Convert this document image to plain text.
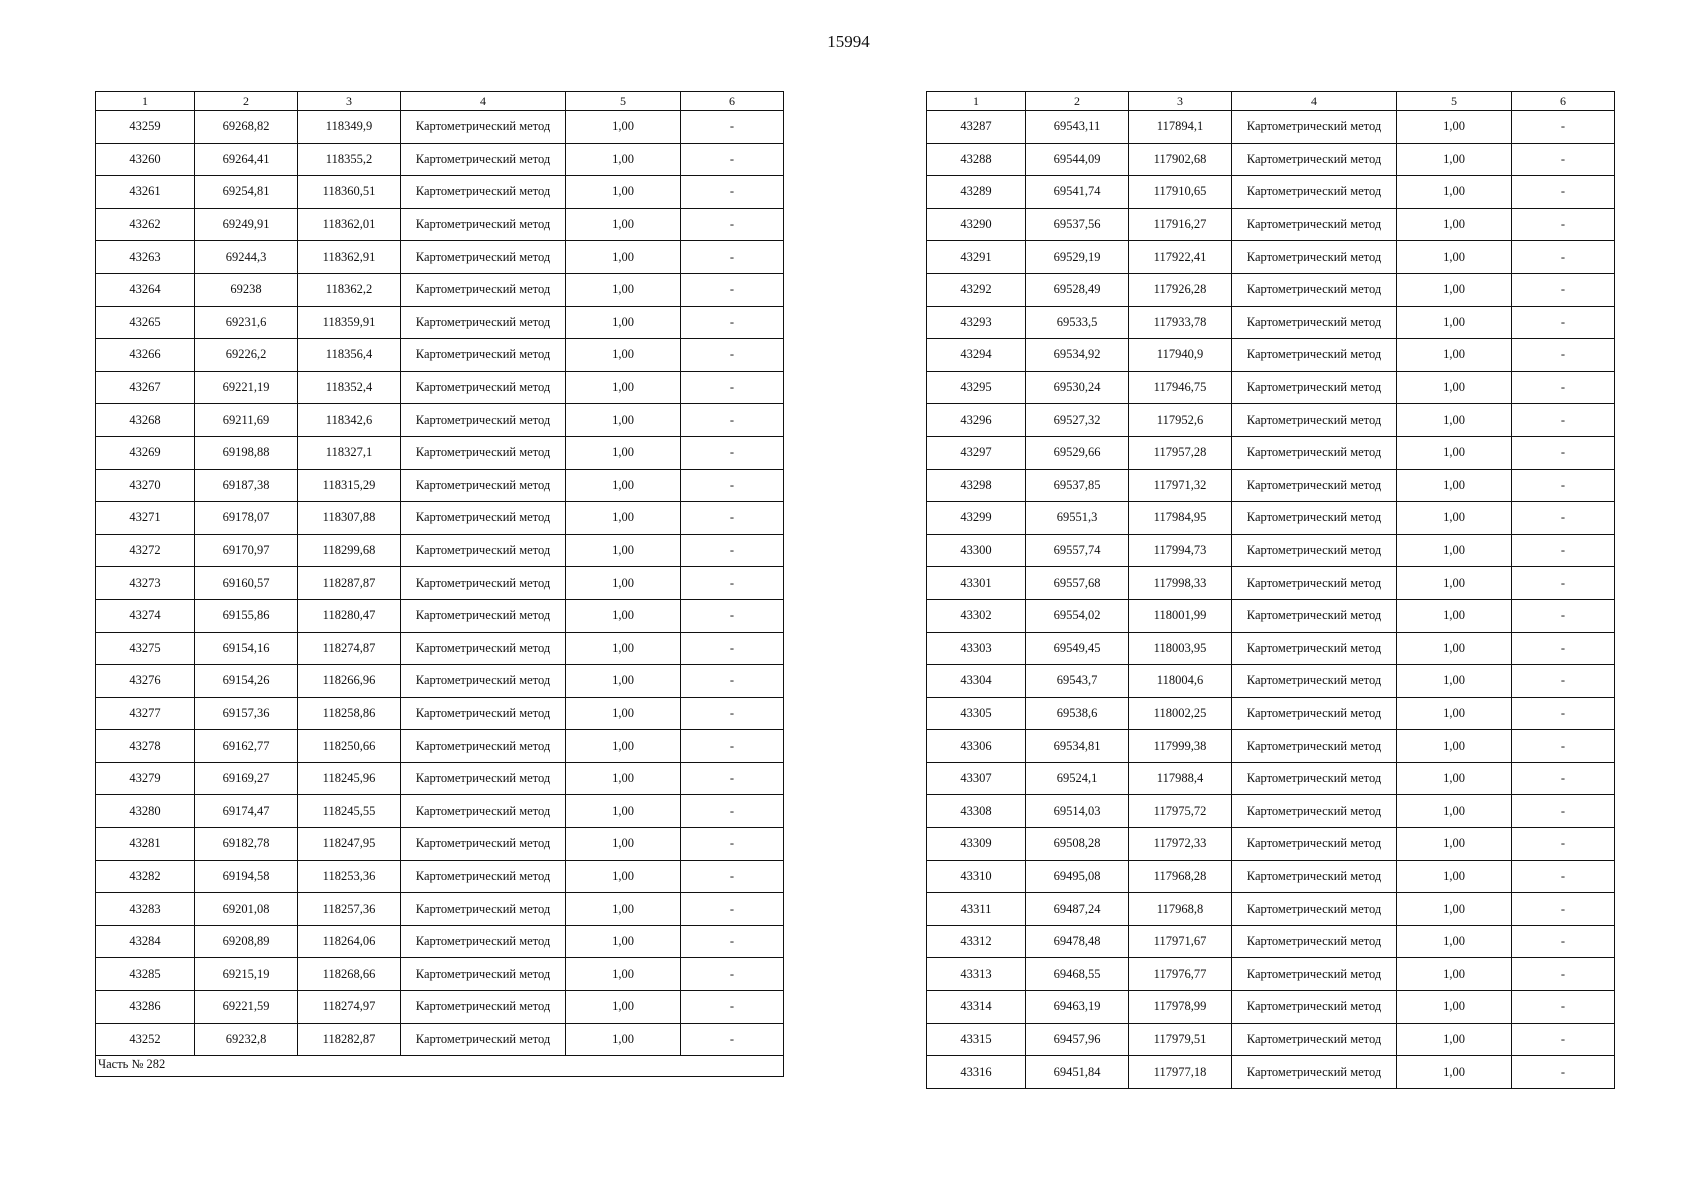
15994
1	2	3	4	5	6
43259	69268,82	118349,9	Картометрический метод	1,00	-
43260	69264,41	118355,2	Картометрический метод	1,00	-
43261	69254,81	118360,51	Картометрический метод	1,00	-
43262	69249,91	118362,01	Картометрический метод	1,00	-
43263	69244,3	118362,91	Картометрический метод	1,00	-
43264	69238	118362,2	Картометрический метод	1,00	-
43265	69231,6	118359,91	Картометрический метод	1,00	-
43266	69226,2	118356,4	Картометрический метод	1,00	-
43267	69221,19	118352,4	Картометрический метод	1,00	-
43268	69211,69	118342,6	Картометрический метод	1,00	-
43269	69198,88	118327,1	Картометрический метод	1,00	-
43270	69187,38	118315,29	Картометрический метод	1,00	-
43271	69178,07	118307,88	Картометрический метод	1,00	-
43272	69170,97	118299,68	Картометрический метод	1,00	-
43273	69160,57	118287,87	Картометрический метод	1,00	-
43274	69155,86	118280,47	Картометрический метод	1,00	-
43275	69154,16	118274,87	Картометрический метод	1,00	-
43276	69154,26	118266,96	Картометрический метод	1,00	-
43277	69157,36	118258,86	Картометрический метод	1,00	-
43278	69162,77	118250,66	Картометрический метод	1,00	-
43279	69169,27	118245,96	Картометрический метод	1,00	-
43280	69174,47	118245,55	Картометрический метод	1,00	-
43281	69182,78	118247,95	Картометрический метод	1,00	-
43282	69194,58	118253,36	Картометрический метод	1,00	-
43283	69201,08	118257,36	Картометрический метод	1,00	-
43284	69208,89	118264,06	Картометрический метод	1,00	-
43285	69215,19	118268,66	Картометрический метод	1,00	-
43286	69221,59	118274,97	Картометрический метод	1,00	-
43252	69232,8	118282,87	Картометрический метод	1,00	-
Часть № 282					
1	2	3	4	5	6
43287	69543,11	117894,1	Картометрический метод	1,00	-
43288	69544,09	117902,68	Картометрический метод	1,00	-
43289	69541,74	117910,65	Картометрический метод	1,00	-
43290	69537,56	117916,27	Картометрический метод	1,00	-
43291	69529,19	117922,41	Картометрический метод	1,00	-
43292	69528,49	117926,28	Картометрический метод	1,00	-
43293	69533,5	117933,78	Картометрический метод	1,00	-
43294	69534,92	117940,9	Картометрический метод	1,00	-
43295	69530,24	117946,75	Картометрический метод	1,00	-
43296	69527,32	117952,6	Картометрический метод	1,00	-
43297	69529,66	117957,28	Картометрический метод	1,00	-
43298	69537,85	117971,32	Картометрический метод	1,00	-
43299	69551,3	117984,95	Картометрический метод	1,00	-
43300	69557,74	117994,73	Картометрический метод	1,00	-
43301	69557,68	117998,33	Картометрический метод	1,00	-
43302	69554,02	118001,99	Картометрический метод	1,00	-
43303	69549,45	118003,95	Картометрический метод	1,00	-
43304	69543,7	118004,6	Картометрический метод	1,00	-
43305	69538,6	118002,25	Картометрический метод	1,00	-
43306	69534,81	117999,38	Картометрический метод	1,00	-
43307	69524,1	117988,4	Картометрический метод	1,00	-
43308	69514,03	117975,72	Картометрический метод	1,00	-
43309	69508,28	117972,33	Картометрический метод	1,00	-
43310	69495,08	117968,28	Картометрический метод	1,00	-
43311	69487,24	117968,8	Картометрический метод	1,00	-
43312	69478,48	117971,67	Картометрический метод	1,00	-
43313	69468,55	117976,77	Картометрический метод	1,00	-
43314	69463,19	117978,99	Картометрический метод	1,00	-
43315	69457,96	117979,51	Картометрический метод	1,00	-
43316	69451,84	117977,18	Картометрический метод	1,00	-
